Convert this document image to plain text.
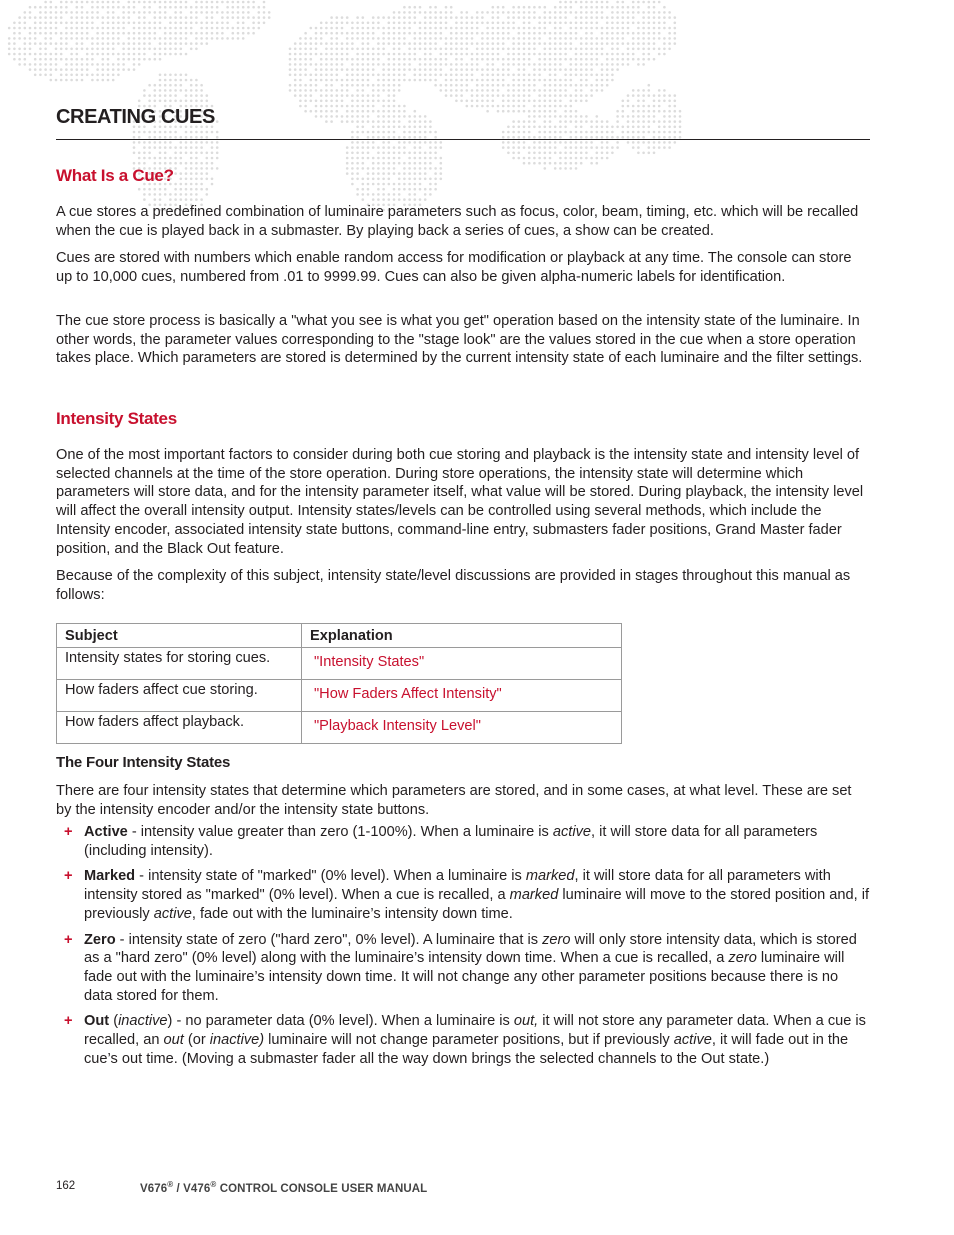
CREATING CUES
What Is a Cue?

A cue stores a predefined combination of luminaire parameters such as focus, color, beam, timing, etc. which will be recalled when the cue is played back in a submaster. By playing back a series of cues, a show can be created.

Cues are stored with numbers which enable random access for modification or playback at any time. The console can store up to 10,000 cues, numbered from .01 to 9999.99. Cues can also be given alpha-numeric labels for identification.

The cue store process is basically a "what you see is what you get" operation based on the intensity state of the luminaire. In other words, the parameter values corresponding to the "stage look" are the values stored in the cue when a store operation takes place. Which parameters are stored is determined by the current intensity state of each luminaire and the filter settings.

Intensity States

One of the most important factors to consider during both cue storing and playback is the intensity state and intensity level of selected channels at the time of the store operation. During store operations, the intensity state will determine which parameters will store data, and for the intensity parameter itself, what value will be stored. During playback, the intensity level will affect the overall intensity output. Intensity states/levels can be controlled using several methods, which include the Intensity encoder, associated intensity state buttons, command-line entry, submasters fader positions, Grand Master fader position, and the Black Out feature.

Because of the complexity of this subject, intensity state/level discussions are provided in stages throughout this manual as follows:

Subject	Explanation
Intensity states for storing cues.	"Intensity States"
How faders affect cue storing.	"How Faders Affect Intensity"
How faders affect playback.	"Playback Intensity Level"
The Four Intensity States

There are four intensity states that determine which parameters are stored, and in some cases, at what level. These are set by the intensity encoder and/or the intensity state buttons.

+ Active - intensity value greater than zero (1-100%). When a luminaire is active, it will store data for all parameters (including intensity).
+ Marked - intensity state of "marked" (0% level). When a luminaire is marked, it will store data for all parameters with intensity stored as "marked" (0% level). When a cue is recalled, a marked luminaire will move to the stored position and, if previously active, fade out with the luminaire’s intensity down time.
+ Zero - intensity state of zero ("hard zero", 0% level). A luminaire that is zero will only store intensity data, which is stored as a "hard zero" (0% level) along with the luminaire’s intensity down time. When a cue is recalled, a zero luminaire will fade out with the luminaire’s intensity down time. It will not change any other parameter positions because there is no data stored for them.
+ Out (inactive) - no parameter data (0% level). When a luminaire is out, it will not store any parameter data. When a cue is recalled, an out (or inactive) luminaire will not change parameter positions, but if previously active, it will fade out in the cue’s out time. (Moving a submaster fader all the way down brings the selected channels to the Out state.)
162	V676® / V476® CONTROL CONSOLE USER MANUAL
